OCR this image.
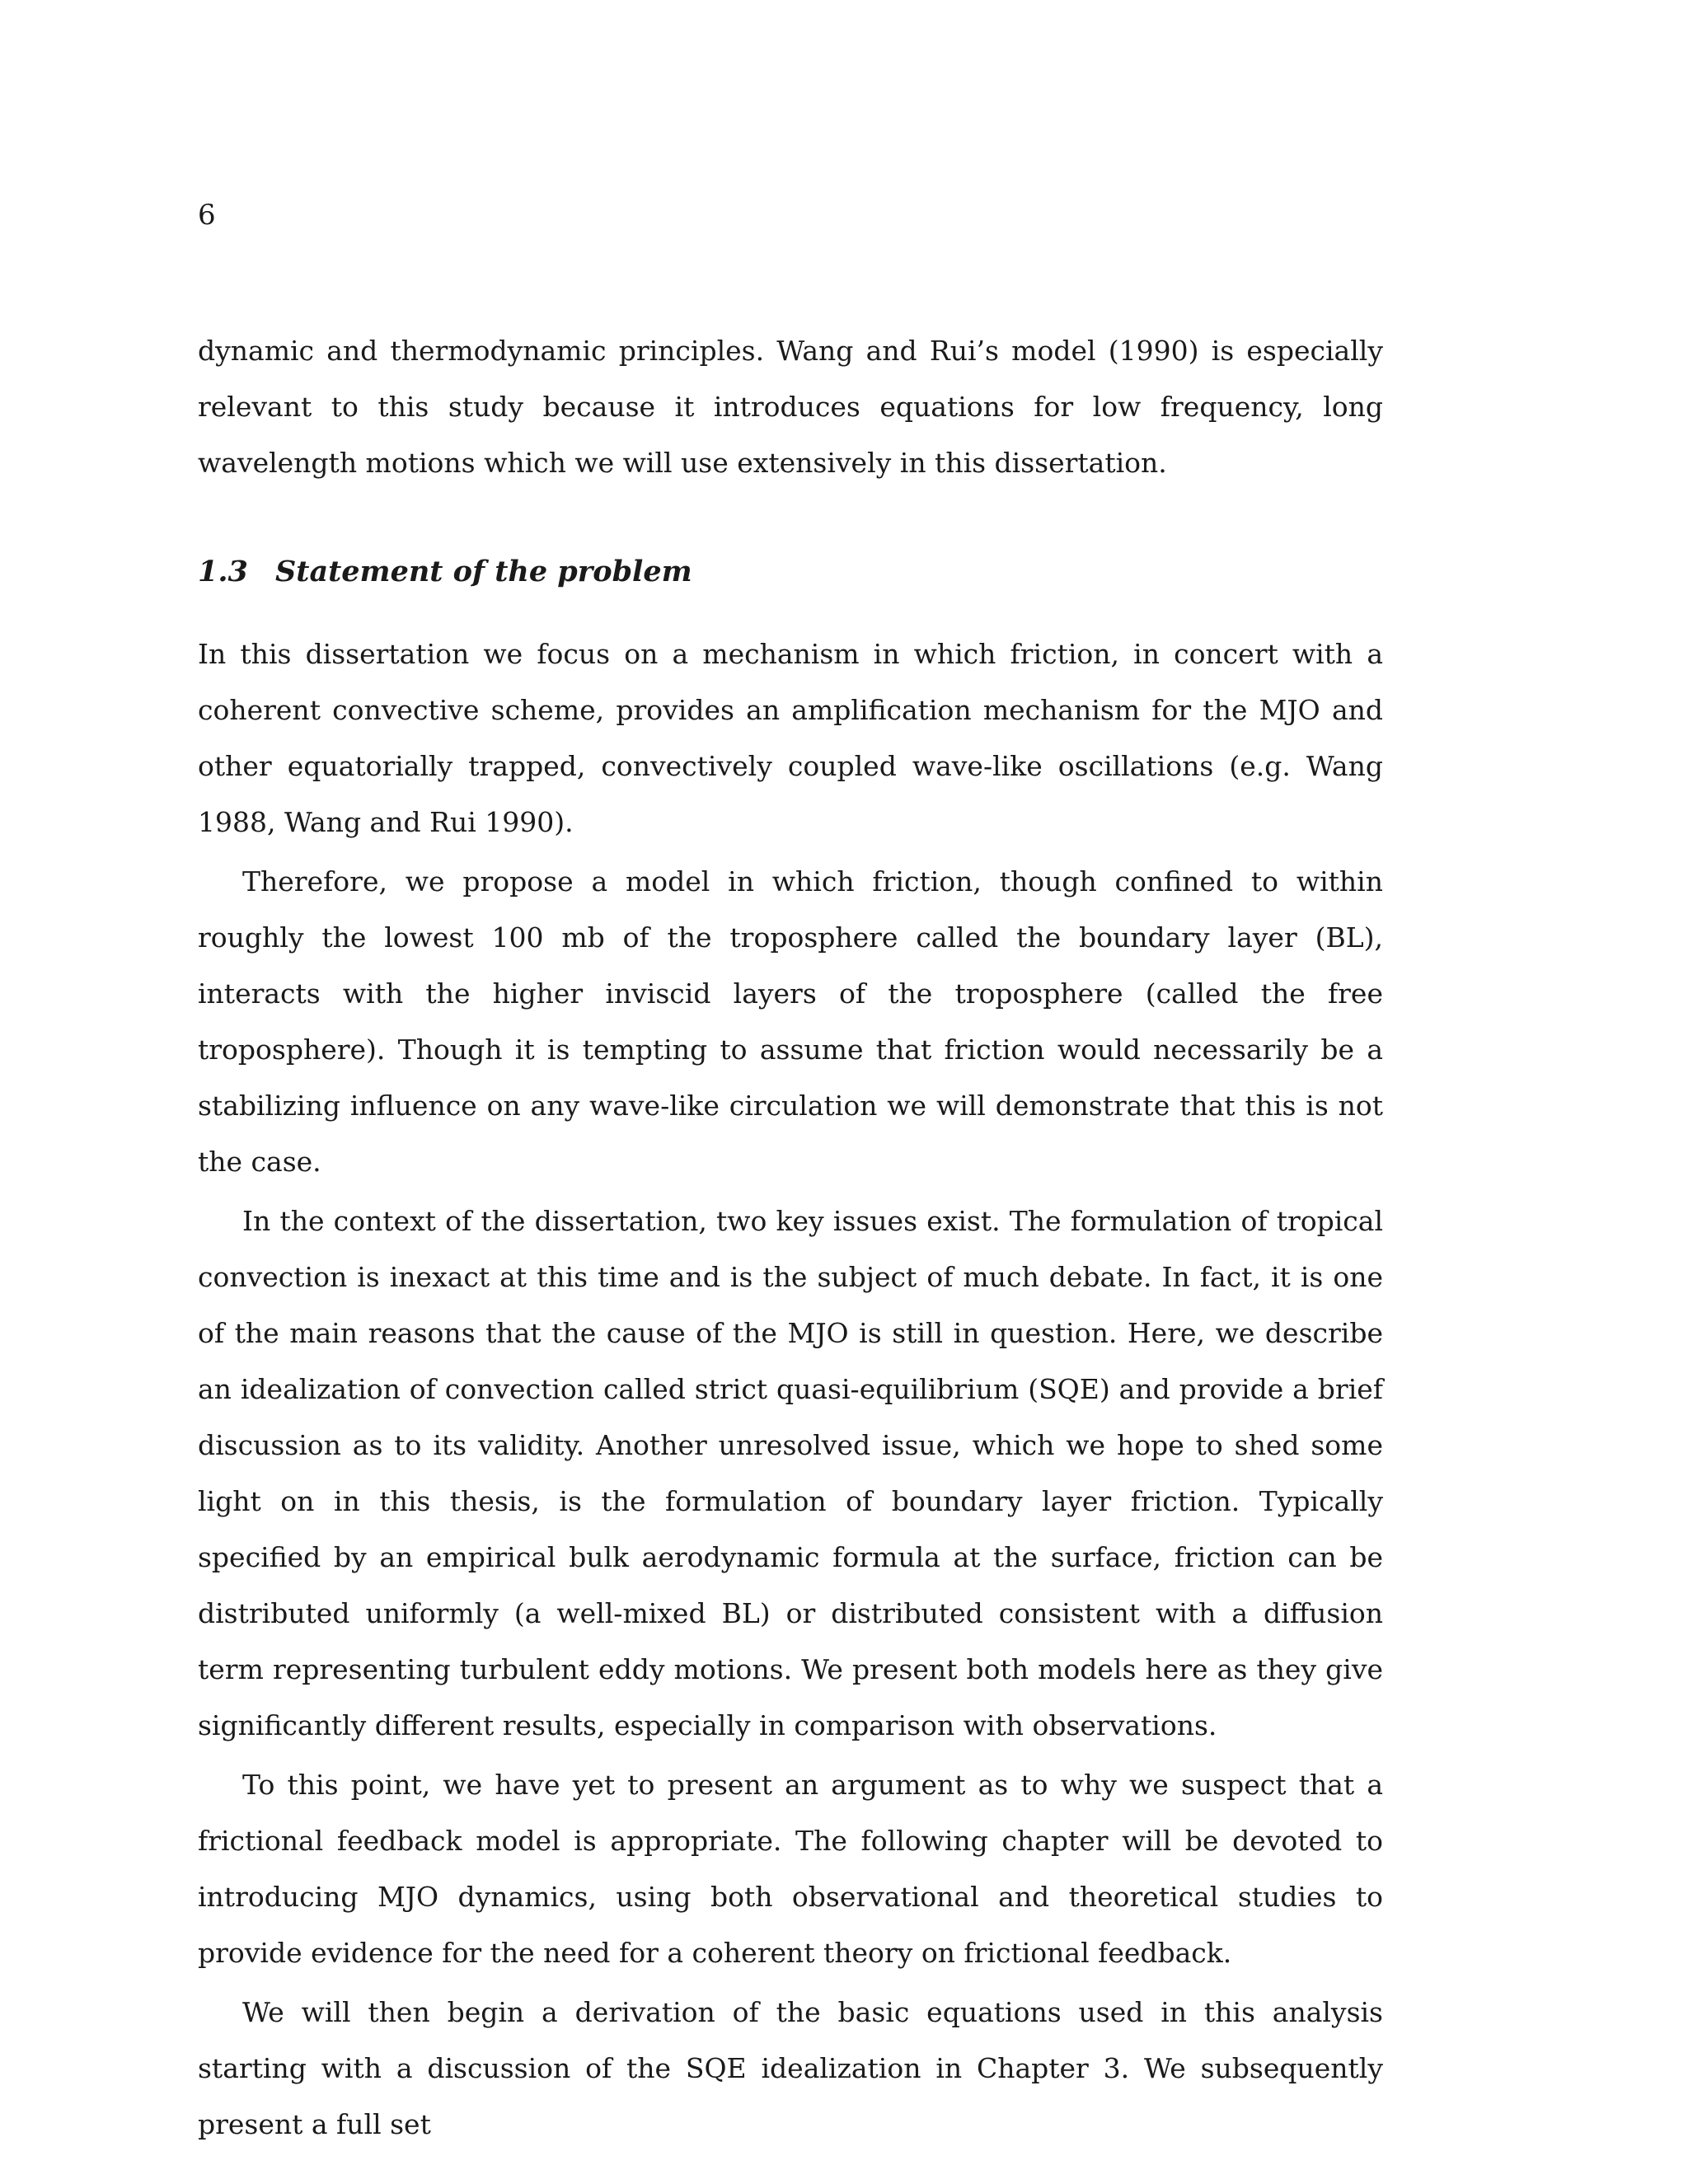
6

dynamic and thermodynamic principles. Wang and Rui’s model (1990) is especially relevant to this study because it introduces equations for low frequency, long wavelength motions which we will use extensively in this dissertation.

1.3 Statement of the problem

In this dissertation we focus on a mechanism in which friction, in concert with a coherent convective scheme, provides an amplification mechanism for the MJO and other equatorially trapped, convectively coupled wave-like oscillations (e.g. Wang 1988, Wang and Rui 1990).

Therefore, we propose a model in which friction, though confined to within roughly the lowest 100 mb of the troposphere called the boundary layer (BL), interacts with the higher inviscid layers of the troposphere (called the free troposphere). Though it is tempting to assume that friction would necessarily be a stabilizing influence on any wave-like circulation we will demonstrate that this is not the case.

In the context of the dissertation, two key issues exist. The formulation of tropical convection is inexact at this time and is the subject of much debate. In fact, it is one of the main reasons that the cause of the MJO is still in question. Here, we describe an idealization of convection called strict quasi-equilibrium (SQE) and provide a brief discussion as to its validity. Another unresolved issue, which we hope to shed some light on in this thesis, is the formulation of boundary layer friction. Typically specified by an empirical bulk aerodynamic formula at the surface, friction can be distributed uniformly (a well-mixed BL) or distributed consistent with a diffusion term representing turbulent eddy motions. We present both models here as they give significantly different results, especially in comparison with observations.

To this point, we have yet to present an argument as to why we suspect that a frictional feedback model is appropriate. The following chapter will be devoted to introducing MJO dynamics, using both observational and theoretical studies to provide evidence for the need for a coherent theory on frictional feedback.

We will then begin a derivation of the basic equations used in this analysis starting with a discussion of the SQE idealization in Chapter 3. We subsequently present a full set
